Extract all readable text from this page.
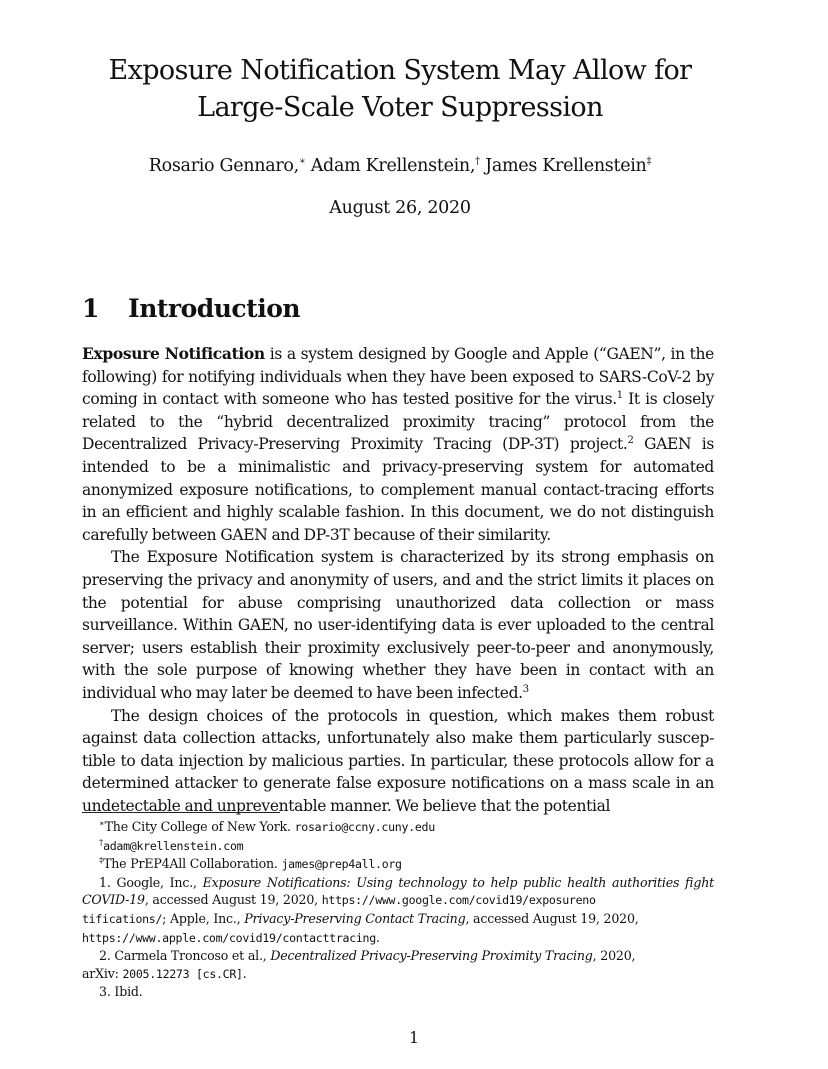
Exposure Notification System May Allow for
Large-Scale Voter Suppression
Rosario Gennaro,∗ Adam Krellenstein,† James Krellenstein‡
August 26, 2020
1 Introduction

Exposure Notification is a system designed by Google and Apple (“GAEN”, in the following) for notifying individuals when they have been exposed to SARS-CoV-2 by coming in contact with someone who has tested positive for the virus.$^1$ It is closely related to the “hybrid decentralized proximity tracing” protocol from the Decentralized Privacy-Preserving Proximity Tracing (DP-3T) project.$^2$ GAEN is intended to be a minimalistic and privacy-preserving system for automated anonymized exposure notifications, to complement manual contact-tracing efforts in an efficient and highly scalable fashion. In this document, we do not distinguish carefully between GAEN and DP-3T because of their similarity.

The Exposure Notification system is characterized by its strong emphasis on preserving the privacy and anonymity of users, and and the strict limits it places on the potential for abuse comprising unauthorized data collection or mass surveillance. Within GAEN, no user-identifying data is ever uploaded to the central server; users establish their proximity exclusively peer-to-peer and anonymously, with the sole purpose of knowing whether they have been in contact with an individual who may later be deemed to have been infected.$^3$

The design choices of the protocols in question, which makes them robust against data collection attacks, unfortunately also make them particularly suscep-tible to data injection by malicious parties. In particular, these protocols allow for a determined attacker to generate false exposure notifications on a mass scale in an undetectable and unpreventable manner. We believe that the potential

∗The City College of New York. rosario@ccny.cuny.edu
†adam@krellenstein.com
‡The PrEP4All Collaboration. james@prep4all.org
1. Google, Inc., Exposure Notifications: Using technology to help public health authorities fight COVID-19, accessed August 19, 2020, https://www.google.com/covid19/exposureno
tifications/; Apple, Inc., Privacy-Preserving Contact Tracing, accessed August 19, 2020,
https://www.apple.com/covid19/contacttracing.
2. Carmela Troncoso et al., Decentralized Privacy-Preserving Proximity Tracing, 2020,
arXiv: 2005.12273 [cs.CR].
3. Ibid.
1
